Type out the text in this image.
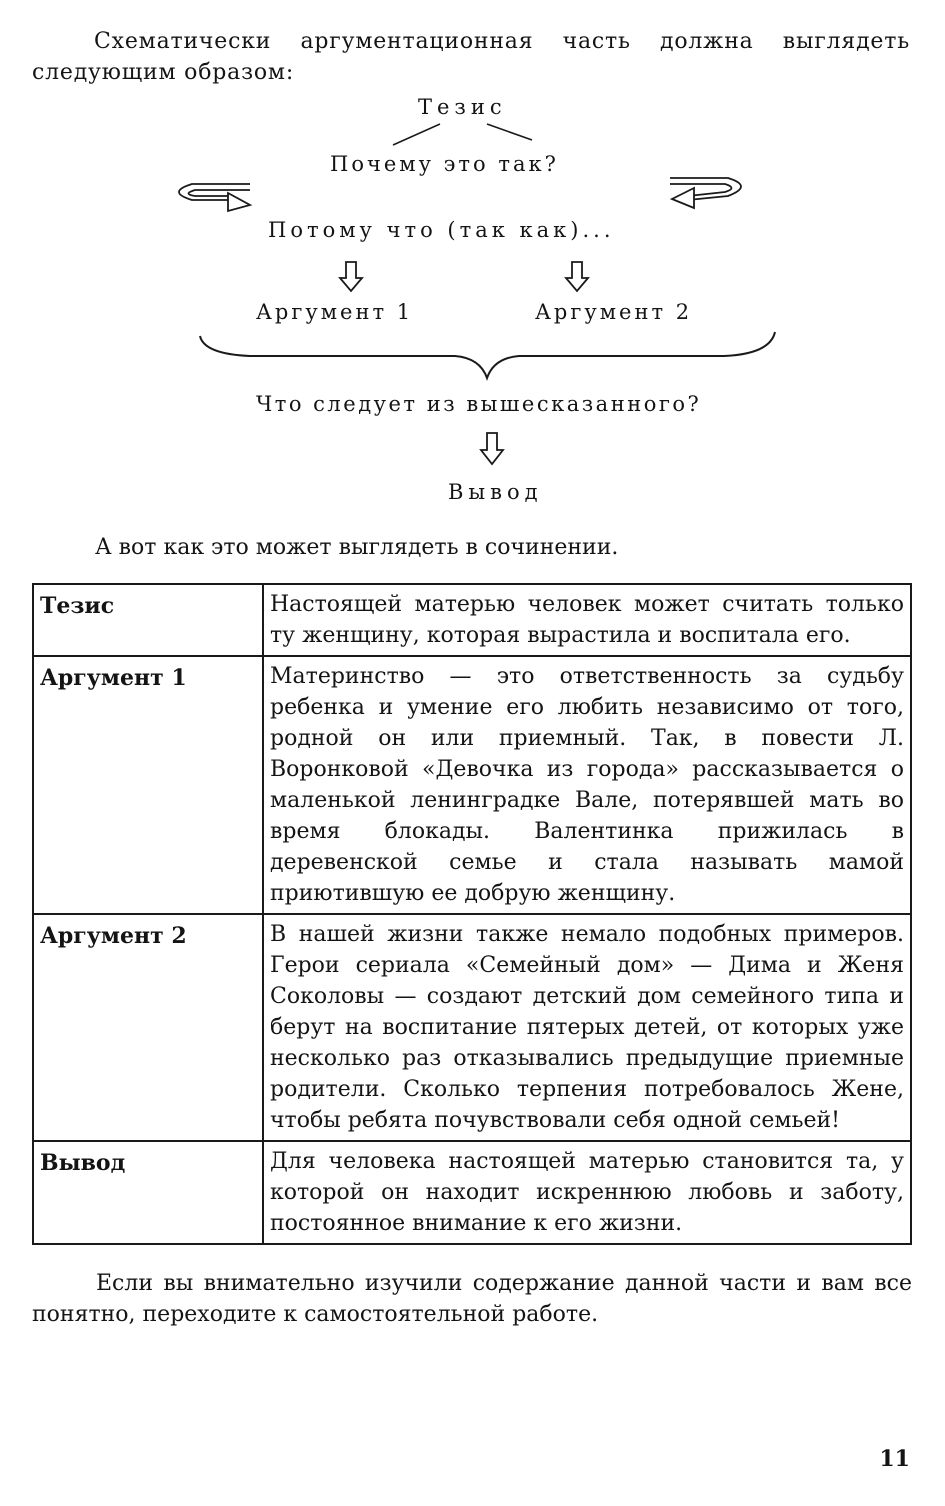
Схематически аргументационная часть должна выглядеть следующим образом:

Тезис
Почему это так?
Потому что (так как)...
Аргумент 1	Аргумент 2
Что следует из вышесказанного?
Вывод

А вот как это может выглядеть в сочинении.

Тезис	Настоящей матерью человек может считать только ту женщину, которая вырастила и воспитала его.
Аргумент 1	Материнство — это ответственность за судьбу ребенка и умение его любить независимо от того, родной он или приемный. Так, в повести Л. Воронковой «Девочка из города» рассказывается о маленькой ленинградке Вале, потерявшей мать во время блокады. Валентинка прижилась в деревенской семье и стала называть мамой приютившую ее добрую женщину.
Аргумент 2	В нашей жизни также немало подобных примеров. Герои сериала «Семейный дом» — Дима и Женя Соколовы — создают детский дом семейного типа и берут на воспитание пятерых детей, от которых уже несколько раз отказывались предыдущие приемные родители. Сколько терпения потребовалось Жене, чтобы ребята почувствовали себя одной семьей!
Вывод	Для человека настоящей матерью становится та, у которой он находит искреннюю любовь и заботу, постоянное внимание к его жизни.

Если вы внимательно изучили содержание данной части и вам все понятно, переходите к самостоятельной работе.

11
